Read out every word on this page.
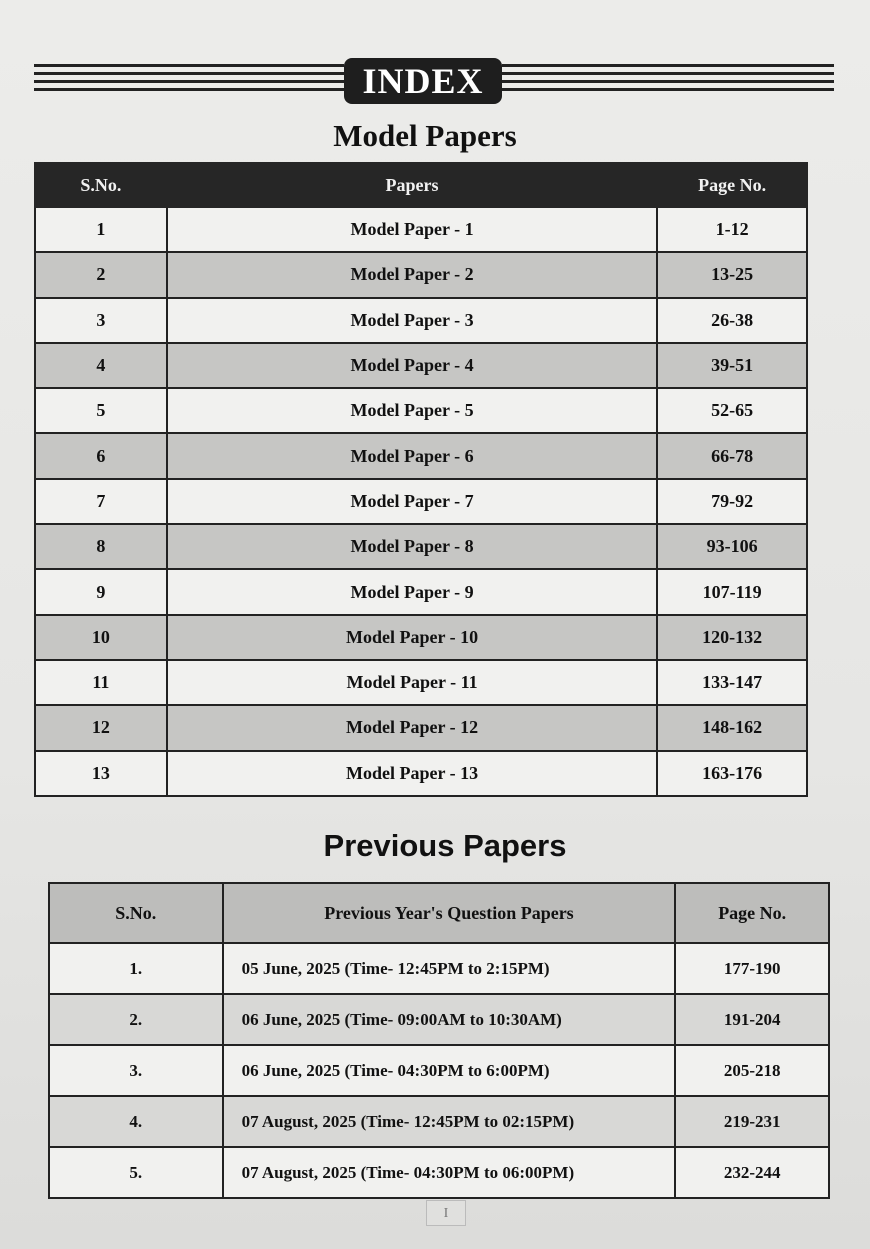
INDEX
Model Papers
S.No.	Papers	Page No.
1	Model Paper - 1	1-12
2	Model Paper - 2	13-25
3	Model Paper - 3	26-38
4	Model Paper - 4	39-51
5	Model Paper - 5	52-65
6	Model Paper - 6	66-78
7	Model Paper - 7	79-92
8	Model Paper - 8	93-106
9	Model Paper - 9	107-119
10	Model Paper - 10	120-132
11	Model Paper - 11	133-147
12	Model Paper - 12	148-162
13	Model Paper - 13	163-176
Previous Papers
S.No.	Previous Year's Question Papers	Page No.
1.	05 June, 2025 (Time- 12:45PM to 2:15PM)	177-190
2.	06 June, 2025 (Time- 09:00AM to 10:30AM)	191-204
3.	06 June, 2025 (Time- 04:30PM to 6:00PM)	205-218
4.	07 August, 2025 (Time- 12:45PM to 02:15PM)	219-231
5.	07 August, 2025 (Time- 04:30PM to 06:00PM)	232-244
I
